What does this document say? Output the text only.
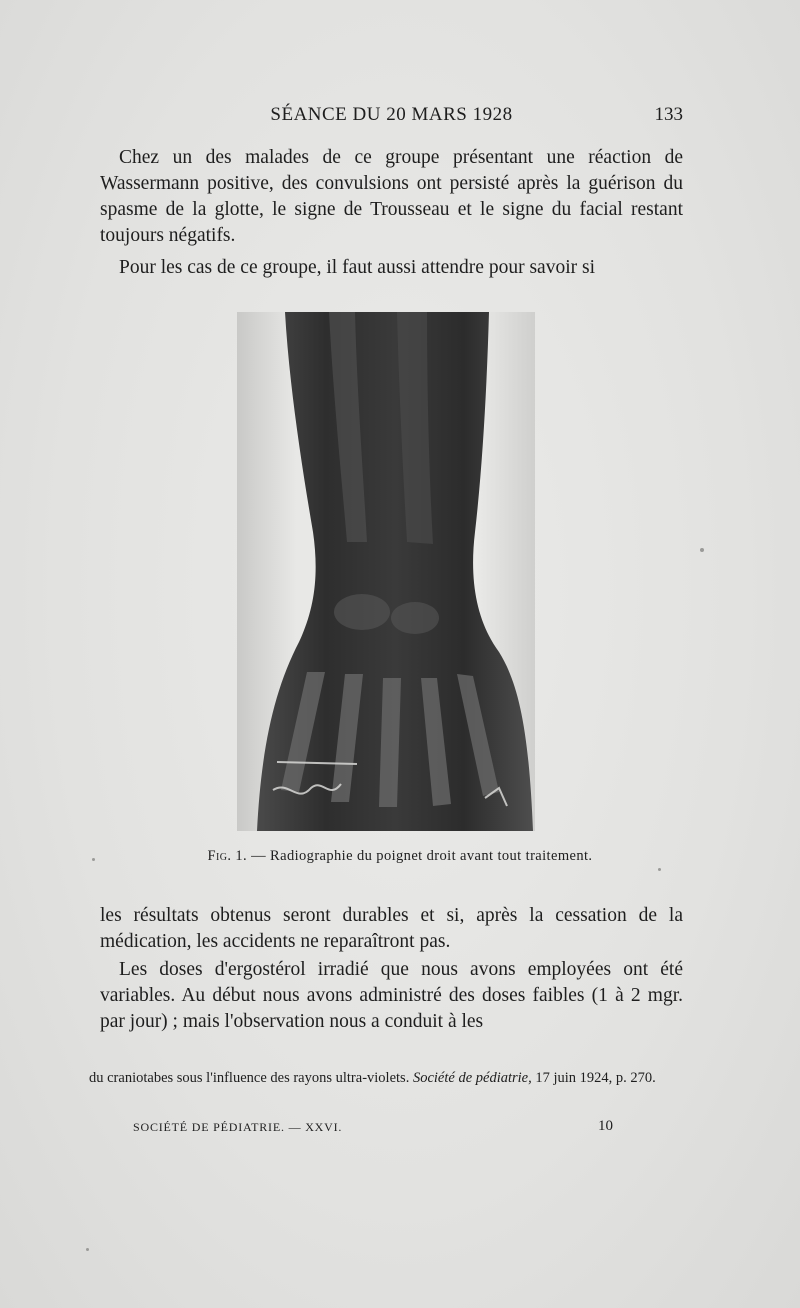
SÉANCE DU 20 MARS 1928	133

Chez un des malades de ce groupe présentant une réaction de Wassermann positive, des convulsions ont persisté après la guérison du spasme de la glotte, le signe de Trousseau et le signe du facial restant toujours négatifs.

Pour les cas de ce groupe, il faut aussi attendre pour savoir si

Fig. 1. — Radiographie du poignet droit avant tout traitement.

les résultats obtenus seront durables et si, après la cessation de la médication, les accidents ne reparaîtront pas.

Les doses d'ergostérol irradié que nous avons employées ont été variables. Au début nous avons administré des doses faibles (1 à 2 mgr. par jour) ; mais l'observation nous a conduit à les

du craniotabes sous l'influence des rayons ultra-violets. Société de pédiatrie, 17 juin 1924, p. 270.

SOCIÉTÉ DE PÉDIATRIE. — XXVI.	10
